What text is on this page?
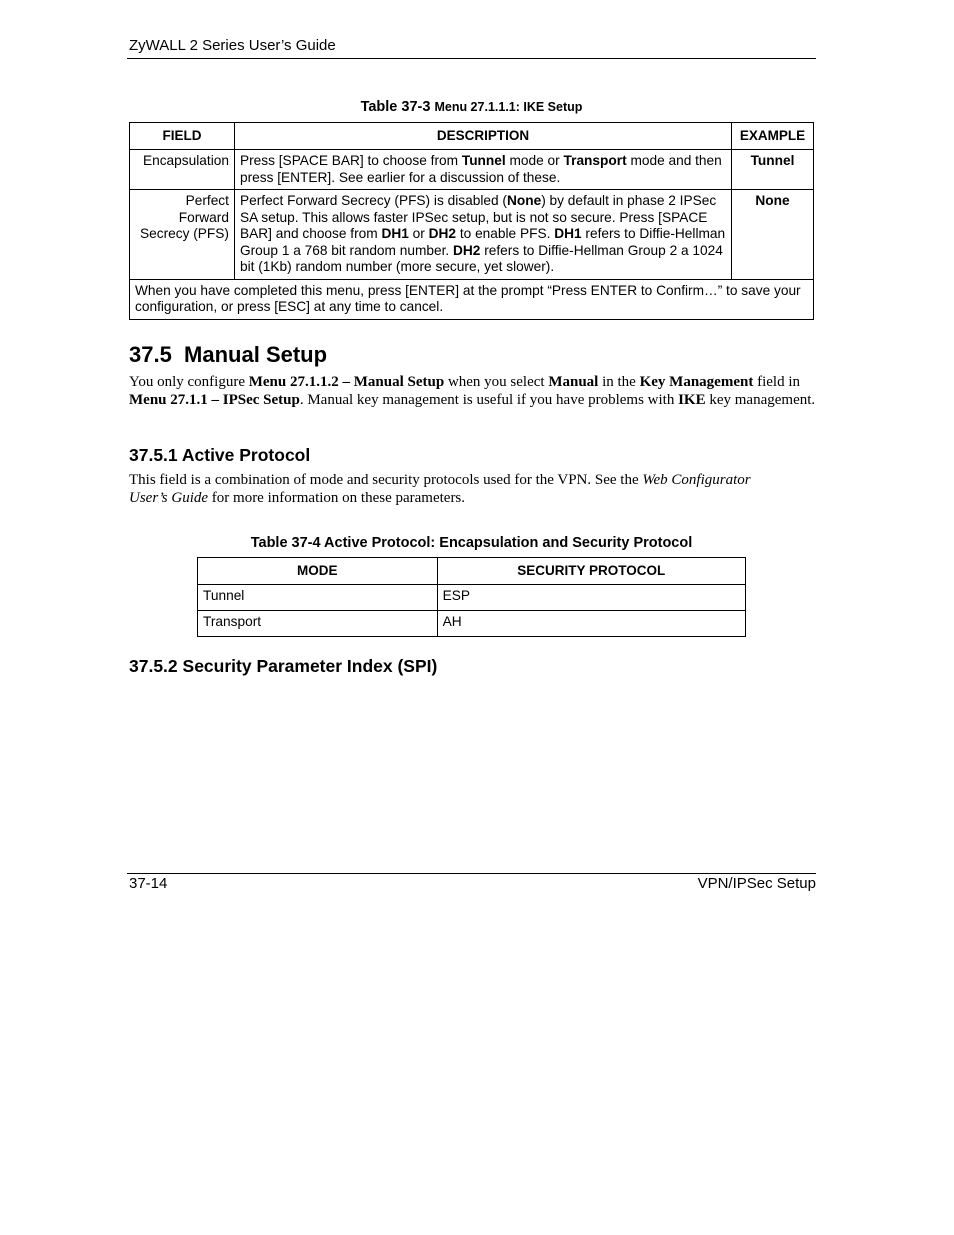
ZyWALL 2 Series User’s Guide
Table 37-3 Menu 27.1.1.1: IKE Setup
FIELD	DESCRIPTION	EXAMPLE
Encapsulation	Press [SPACE BAR] to choose from Tunnel mode or Transport mode and then press [ENTER]. See earlier for a discussion of these.	Tunnel
Perfect Forward Secrecy (PFS)	Perfect Forward Secrecy (PFS) is disabled (None) by default in phase 2 IPSec SA setup. This allows faster IPSec setup, but is not so secure. Press [SPACE BAR] and choose from DH1 or DH2 to enable PFS. DH1 refers to Diffie-Hellman Group 1 a 768 bit random number. DH2 refers to Diffie-Hellman Group 2 a 1024 bit (1Kb) random number (more secure, yet slower).	None
When you have completed this menu, press [ENTER] at the prompt “Press ENTER to Confirm…” to save your configuration, or press [ESC] at any time to cancel.		
37.5  Manual Setup
You only configure Menu 27.1.1.2 – Manual Setup when you select Manual in the Key Management field in Menu 27.1.1 – IPSec Setup. Manual key management is useful if you have problems with IKE key management.
37.5.1 Active Protocol
This field is a combination of mode and security protocols used for the VPN. See the Web Configurator User’s Guide for more information on these parameters.
Table 37-4 Active Protocol: Encapsulation and Security Protocol
MODE	SECURITY PROTOCOL
Tunnel	ESP
Transport	AH
37.5.2 Security Parameter Index (SPI)
37-14	VPN/IPSec Setup
